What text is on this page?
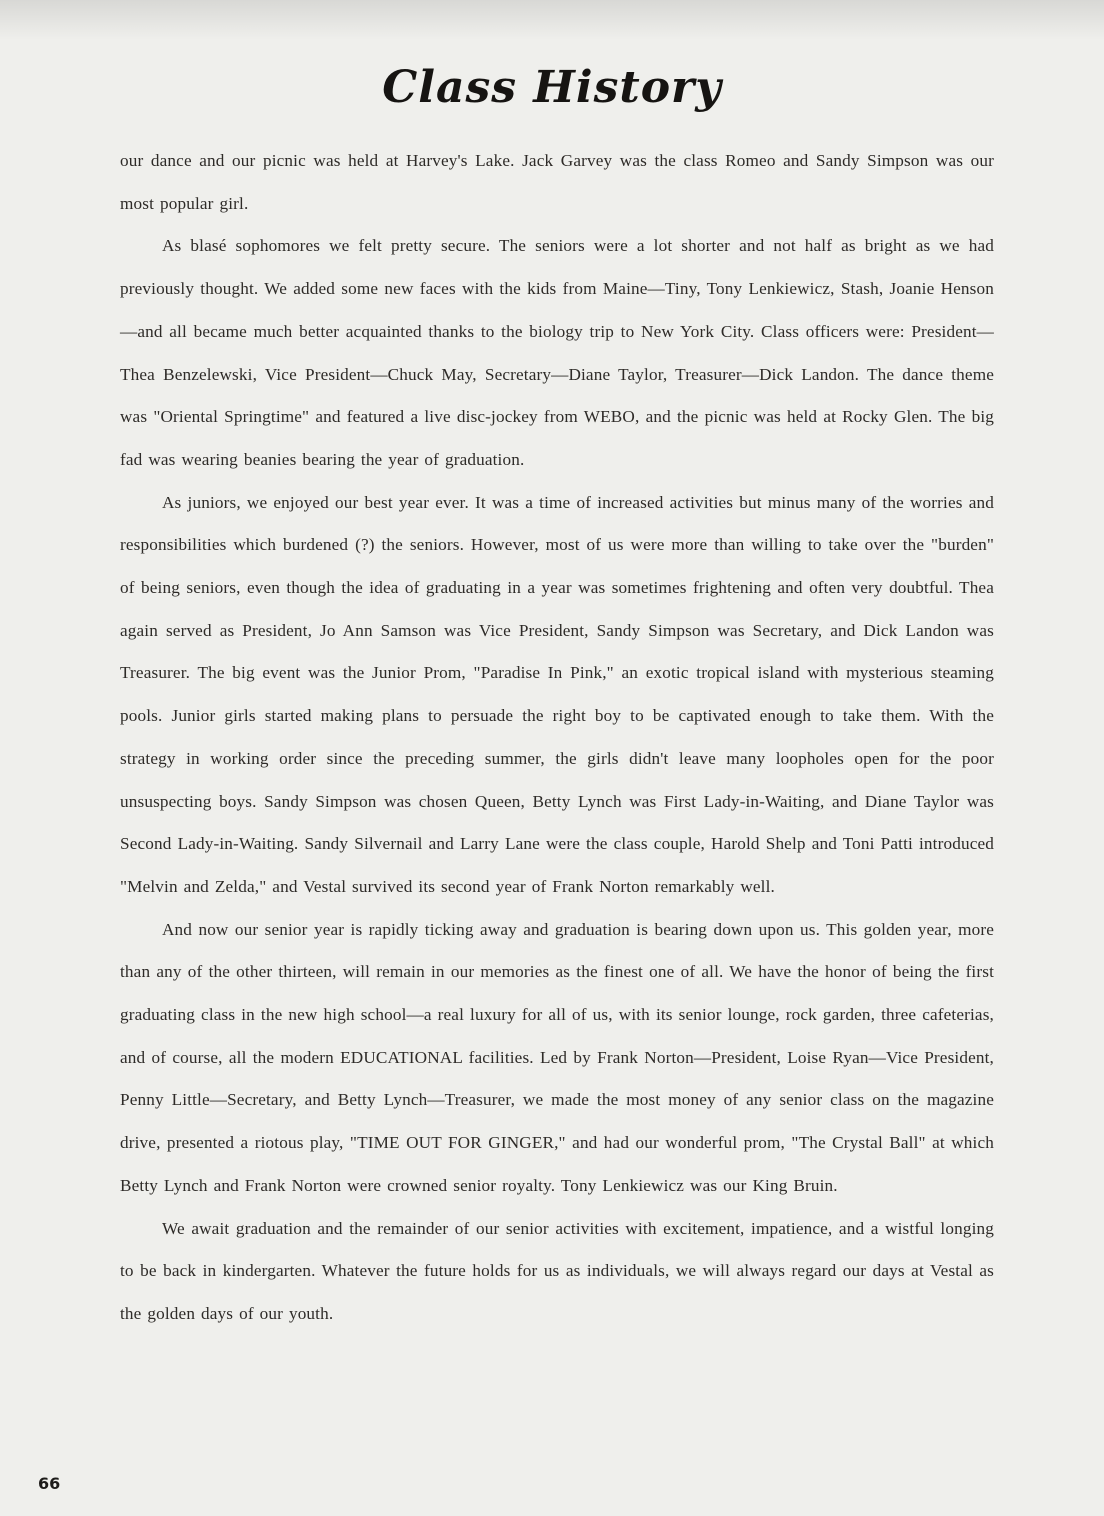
Class History

our dance and our picnic was held at Harvey's Lake. Jack Garvey was the class Romeo and Sandy Simpson was our most popular girl.

As blasé sophomores we felt pretty secure. The seniors were a lot shorter and not half as bright as we had previously thought. We added some new faces with the kids from Maine—Tiny, Tony Lenkiewicz, Stash, Joanie Henson—and all became much better acquainted thanks to the biology trip to New York City. Class officers were: President—Thea Benzelewski, Vice President—Chuck May, Secretary—Diane Taylor, Treasurer—Dick Landon. The dance theme was "Oriental Springtime" and featured a live disc-jockey from WEBO, and the picnic was held at Rocky Glen. The big fad was wearing beanies bearing the year of graduation.

As juniors, we enjoyed our best year ever. It was a time of increased activities but minus many of the worries and responsibilities which burdened (?) the seniors. However, most of us were more than willing to take over the "burden" of being seniors, even though the idea of graduating in a year was sometimes frightening and often very doubtful. Thea again served as President, Jo Ann Samson was Vice President, Sandy Simpson was Secretary, and Dick Landon was Treasurer. The big event was the Junior Prom, "Paradise In Pink," an exotic tropical island with mysterious steaming pools. Junior girls started making plans to persuade the right boy to be captivated enough to take them. With the strategy in working order since the preceding summer, the girls didn't leave many loopholes open for the poor unsuspecting boys. Sandy Simpson was chosen Queen, Betty Lynch was First Lady-in-Waiting, and Diane Taylor was Second Lady-in-Waiting. Sandy Silvernail and Larry Lane were the class couple, Harold Shelp and Toni Patti introduced "Melvin and Zelda," and Vestal survived its second year of Frank Norton remarkably well.

And now our senior year is rapidly ticking away and graduation is bearing down upon us. This golden year, more than any of the other thirteen, will remain in our memories as the finest one of all. We have the honor of being the first graduating class in the new high school—a real luxury for all of us, with its senior lounge, rock garden, three cafeterias, and of course, all the modern EDUCATIONAL facilities. Led by Frank Norton—President, Loise Ryan—Vice President, Penny Little—Secretary, and Betty Lynch—Treasurer, we made the most money of any senior class on the magazine drive, presented a riotous play, "TIME OUT FOR GINGER," and had our wonderful prom, "The Crystal Ball" at which Betty Lynch and Frank Norton were crowned senior royalty. Tony Lenkiewicz was our King Bruin.

We await graduation and the remainder of our senior activities with excitement, impatience, and a wistful longing to be back in kindergarten. Whatever the future holds for us as individuals, we will always regard our days at Vestal as the golden days of our youth.

66
